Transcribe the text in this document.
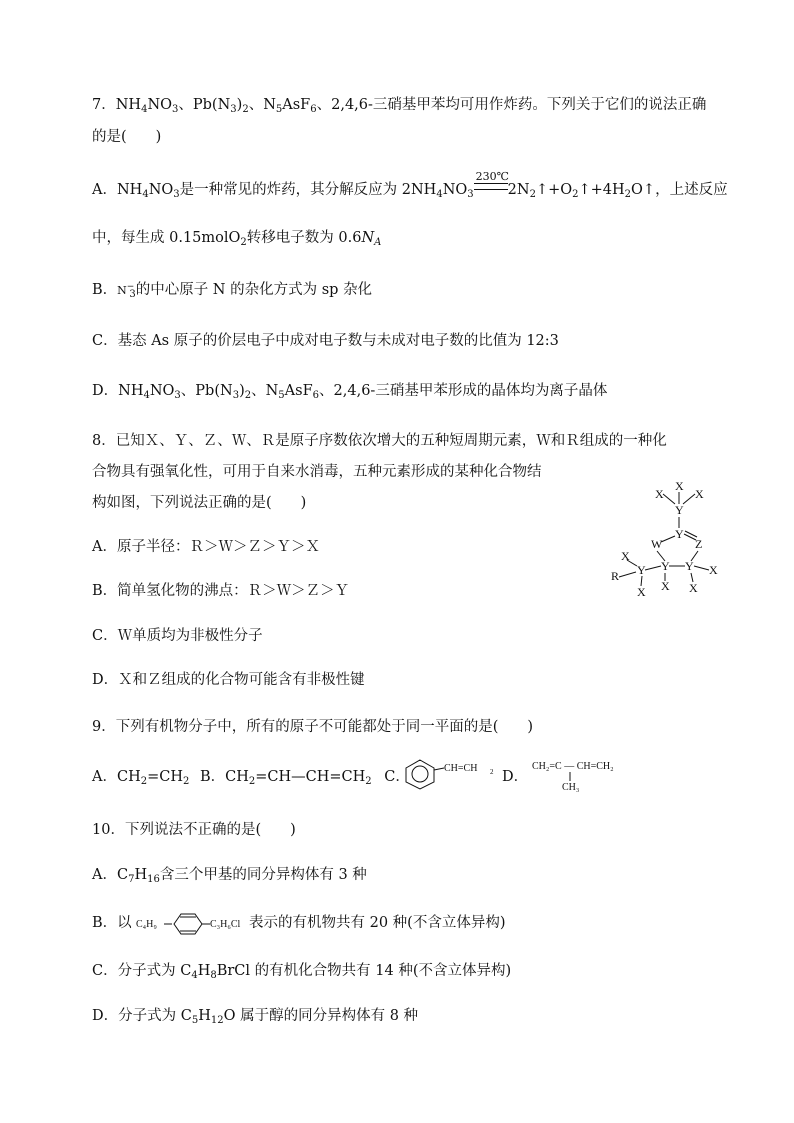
7．$NH_4NO_3$、$Pb(N_3)_2$、$N_5AsF_6$、2,4,6-三硝基甲苯均可用作炸药。下列关于它们的说法正确
的是(　　)
A．$NH_4NO_3$是一种常见的炸药，其分解反应为 $2NH_4NO_3$
230℃
$2N_2↑+O_2↑+4H_2O↑$，上述反应
中，每生成 0.15molO$_2$转移电子数为 $0.6N_A$
B．$N^-_3$的中心原子 N 的杂化方式为 sp 杂化
C．基态 As 原子的价层电子中成对电子数与未成对电子数的比值为 12:3
D．$NH_4NO_3$、$Pb(N_3)_2$、$N_5AsF_6$、2,4,6-三硝基甲苯形成的晶体均为离子晶体
8．已知Ｘ、Ｙ、Ｚ、Ｗ、Ｒ是原子序数依次增大的五种短周期元素，Ｗ和Ｒ组成的一种化
合物具有强氧化性，可用于自来水消毒，五种元素形成的某种化合物结
构如图，下列说法正确的是(　　)
A．原子半径：Ｒ＞Ｗ＞Ｚ＞Ｙ＞Ｘ
B．简单氢化物的沸点：Ｒ＞Ｗ＞Ｚ＞Ｙ
C．Ｗ单质均为非极性分子
D．Ｘ和Ｚ组成的化合物可能含有非极性键
X
X
X
Y
Y
W	Z
X
Y Y Y
R
X X X
X
9．下列有机物分子中，所有的原子不可能都处于同一平面的是(　　)
A．$CH_2=CH_2$ B．$CH_2=CH—CH=CH_2$ C．
CH=CH 2 D．
CH₂=C — CH=CH₂
CH₃
10．下列说法不正确的是(　　)
A．$C_7H_{16}$含三个甲基的同分异构体有 3 种
B．以 C₄H₉	C₃H₆Cl 表示的有机物共有 20 种(不含立体异构)
C．分子式为 $C_4H_8BrCl$ 的有机化合物共有 14 种(不含立体异构)
D．分子式为 $C_5H_{12}O$ 属于醇的同分异构体有 8 种
